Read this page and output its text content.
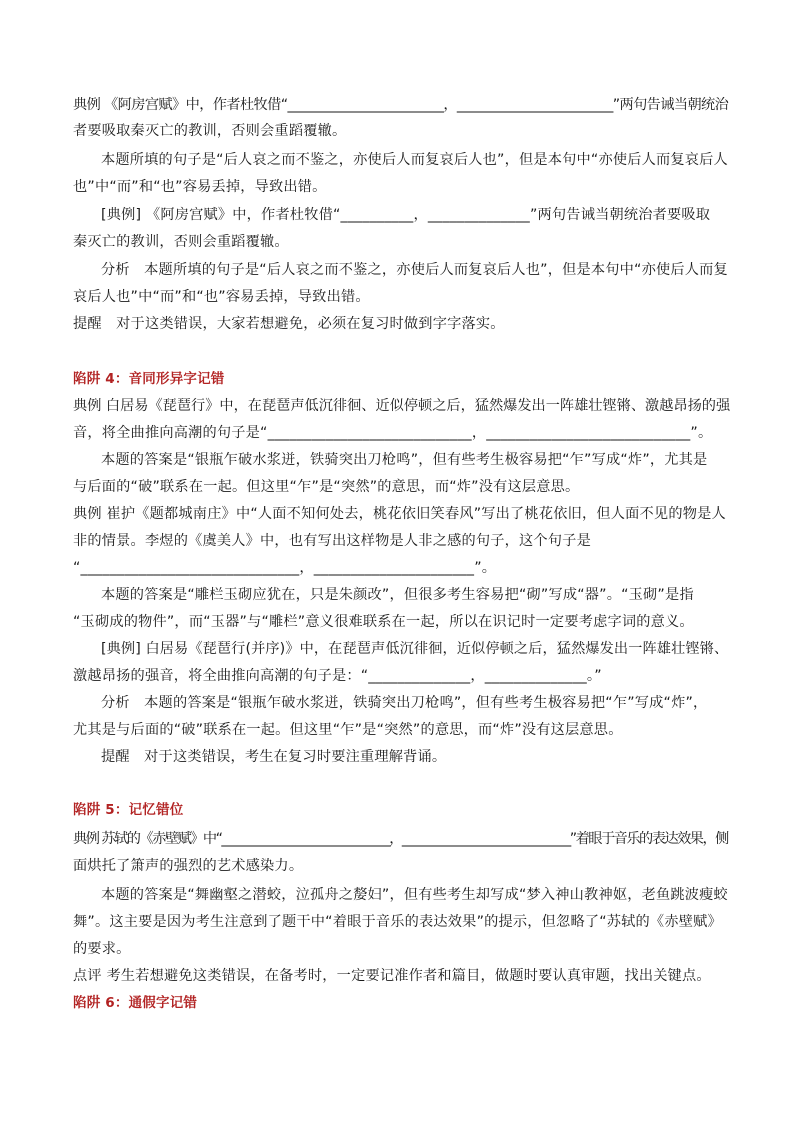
典例 《阿房宫赋》中，作者杜牧借“________________________，________________________”两句告诫当朝统治
者要吸取秦灭亡的教训，否则会重蹈覆辙。
本题所填的句子是“后人哀之而不鉴之，亦使后人而复哀后人也”，但是本句中“亦使后人而复哀后人
也”中“而”和“也”容易丢掉，导致出错。
[典例] 《阿房宫赋》中，作者杜牧借“__________，______________”两句告诫当朝统治者要吸取
秦灭亡的教训，否则会重蹈覆辙。
分析　本题所填的句子是“后人哀之而不鉴之，亦使后人而复哀后人也”，但是本句中“亦使后人而复
哀后人也”中“而”和“也”容易丢掉，导致出错。
提醒　对于这类错误，大家若想避免，必须在复习时做到字字落实。
陷阱 4：音同形异字记错
典例 白居易《琵琶行》中，在琵琶声低沉徘徊、近似停顿之后，猛然爆发出一阵雄壮铿锵、激越昂扬的强
音，将全曲推向高潮的句子是“____________________________，____________________________”。
本题的答案是“银瓶乍破水浆迸，铁骑突出刀枪鸣”，但有些考生极容易把“乍”写成“炸”，尤其是
与后面的“破”联系在一起。但这里“乍”是“突然”的意思，而“炸”没有这层意思。
典例 崔护《题都城南庄》中“人面不知何处去，桃花依旧笑春风”写出了桃花依旧，但人面不见的物是人
非的情景。李煜的《虞美人》中，也有写出这样物是人非之感的句子，这个句子是
“______________________________，______________________”。
本题的答案是“雕栏玉砌应犹在，只是朱颜改”，但很多考生容易把“砌”写成“器”。“玉砌”是指
“玉砌成的物件”，而“玉器”与“雕栏”意义很难联系在一起，所以在识记时一定要考虑字词的意义。
[典例] 白居易《琵琶行(并序)》中，在琵琶声低沉徘徊，近似停顿之后，猛然爆发出一阵雄壮铿锵、
激越昂扬的强音，将全曲推向高潮的句子是：“______________，______________。”
分析　本题的答案是“银瓶乍破水浆迸，铁骑突出刀枪鸣”，但有些考生极容易把“乍”写成“炸”，
尤其是与后面的“破”联系在一起。但这里“乍”是“突然”的意思，而“炸”没有这层意思。
提醒　对于这类错误，考生在复习时要注重理解背诵。
陷阱 5：记忆错位
典例 苏轼的《赤壁赋》中“______________________________，______________________________”着眼于音乐的表达效果，侧
面烘托了箫声的强烈的艺术感染力。
本题的答案是“舞幽壑之潜蛟，泣孤舟之嫠妇”，但有些考生却写成“梦入神山教神妪，老鱼跳波瘦蛟
舞”。这主要是因为考生注意到了题干中“着眼于音乐的表达效果”的提示，但忽略了“苏轼的《赤壁赋》
的要求。
点评 考生若想避免这类错误，在备考时，一定要记准作者和篇目，做题时要认真审题，找出关键点。
陷阱 6：通假字记错
